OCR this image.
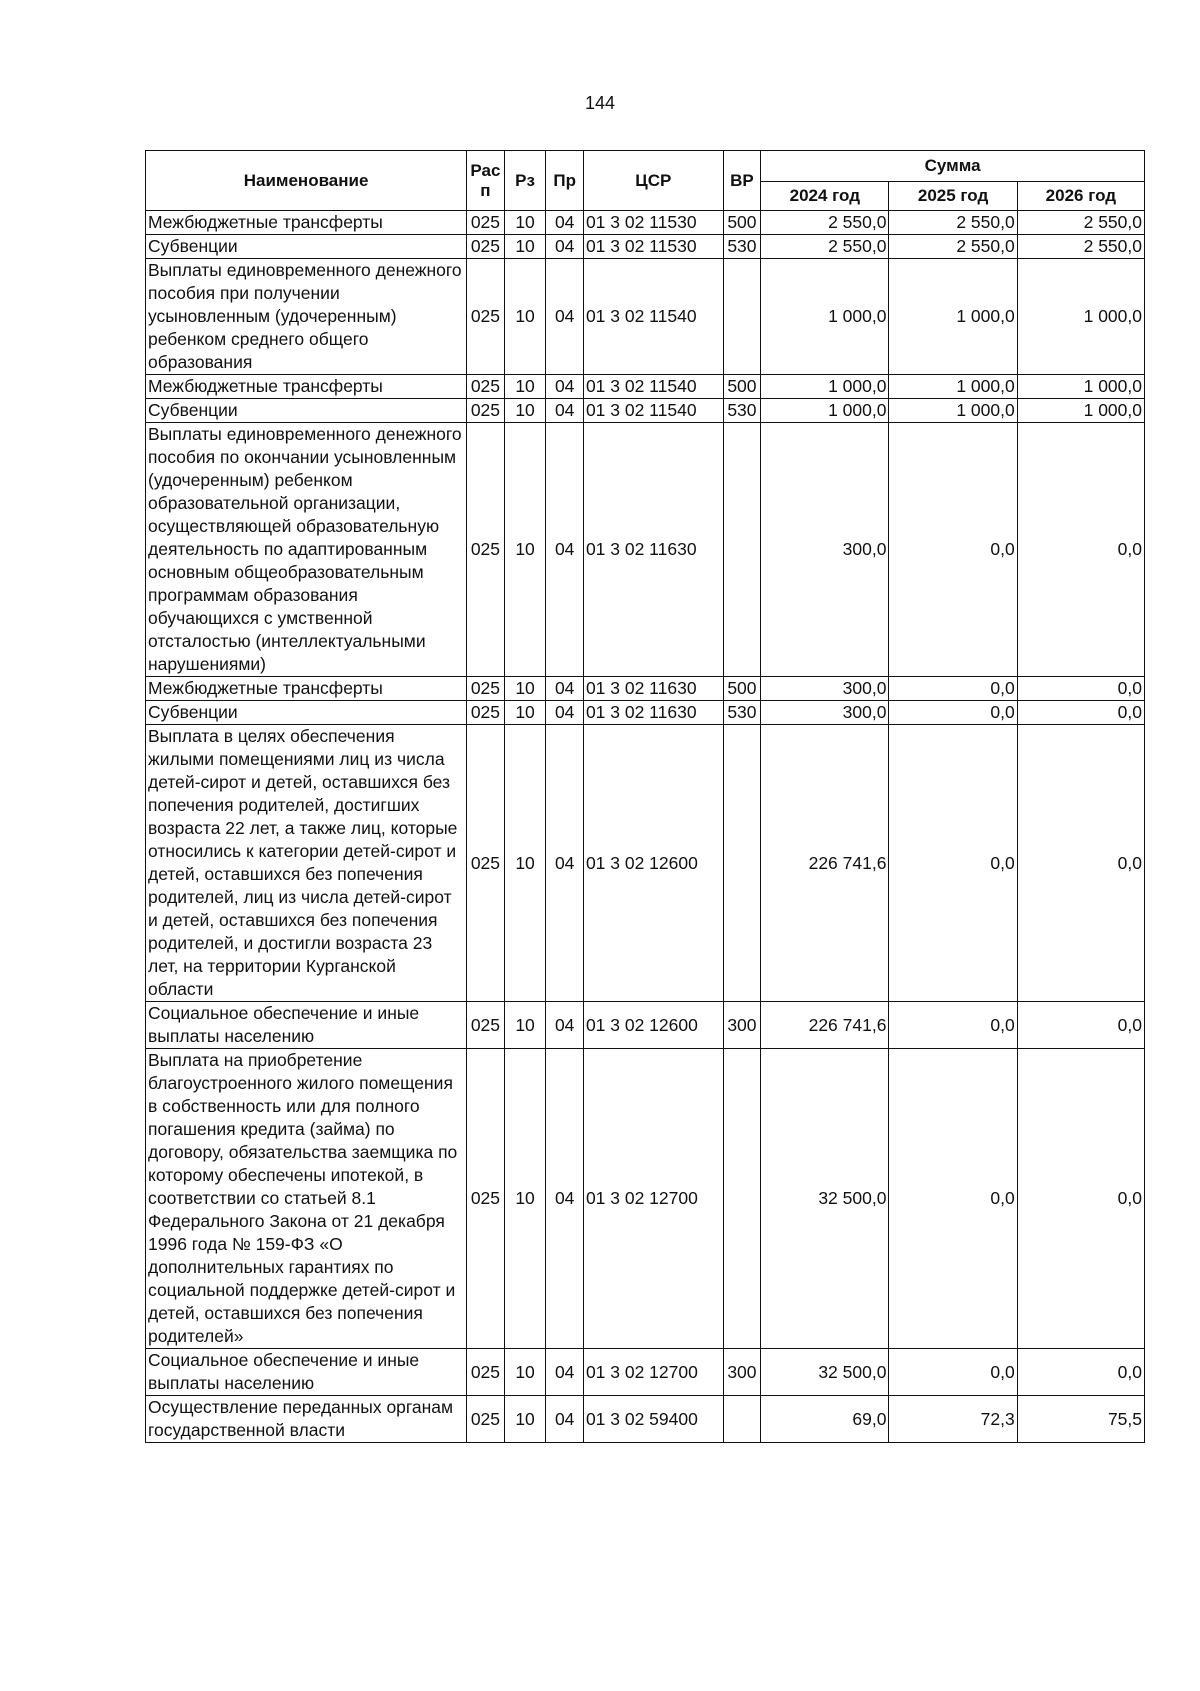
144
Наименование	Рас п	Рз	Пр	ЦСР	ВР	Сумма		
						2024 год	2025 год	2026 год
Межбюджетные трансферты	025	10	04	01 3 02 11530	500	2 550,0	2 550,0	2 550,0
Субвенции	025	10	04	01 3 02 11530	530	2 550,0	2 550,0	2 550,0
Выплаты единовременного денежного пособия при получении усыновленным (удочеренным) ребенком среднего общего образования	025	10	04	01 3 02 11540		1 000,0	1 000,0	1 000,0
Межбюджетные трансферты	025	10	04	01 3 02 11540	500	1 000,0	1 000,0	1 000,0
Субвенции	025	10	04	01 3 02 11540	530	1 000,0	1 000,0	1 000,0
Выплаты единовременного денежного пособия по окончании усыновленным (удочеренным) ребенком образовательной организации, осуществляющей образовательную деятельность по адаптированным основным общеобразовательным программам образования обучающихся с умственной отсталостью (интеллектуальными нарушениями)	025	10	04	01 3 02 11630		300,0	0,0	0,0
Межбюджетные трансферты	025	10	04	01 3 02 11630	500	300,0	0,0	0,0
Субвенции	025	10	04	01 3 02 11630	530	300,0	0,0	0,0
Выплата в целях обеспечения жилыми помещениями лиц из числа детей-сирот и детей, оставшихся без попечения родителей, достигших возраста 22 лет, а также лиц, которые относились к категории детей-сирот и детей, оставшихся без попечения родителей, лиц из числа детей-сирот и детей, оставшихся без попечения родителей, и достигли возраста 23 лет, на территории Курганской области	025	10	04	01 3 02 12600		226 741,6	0,0	0,0
Социальное обеспечение и иные выплаты населению	025	10	04	01 3 02 12600	300	226 741,6	0,0	0,0
Выплата на приобретение благоустроенного жилого помещения в собственность или для полного погашения кредита (займа) по договору, обязательства заемщика по которому обеспечены ипотекой, в соответствии со статьей 8.1 Федерального Закона от 21 декабря 1996 года № 159-ФЗ «О дополнительных гарантиях по социальной поддержке детей-сирот и детей, оставшихся без попечения родителей»	025	10	04	01 3 02 12700		32 500,0	0,0	0,0
Социальное обеспечение и иные выплаты населению	025	10	04	01 3 02 12700	300	32 500,0	0,0	0,0
Осуществление переданных органам государственной власти	025	10	04	01 3 02 59400		69,0	72,3	75,5
